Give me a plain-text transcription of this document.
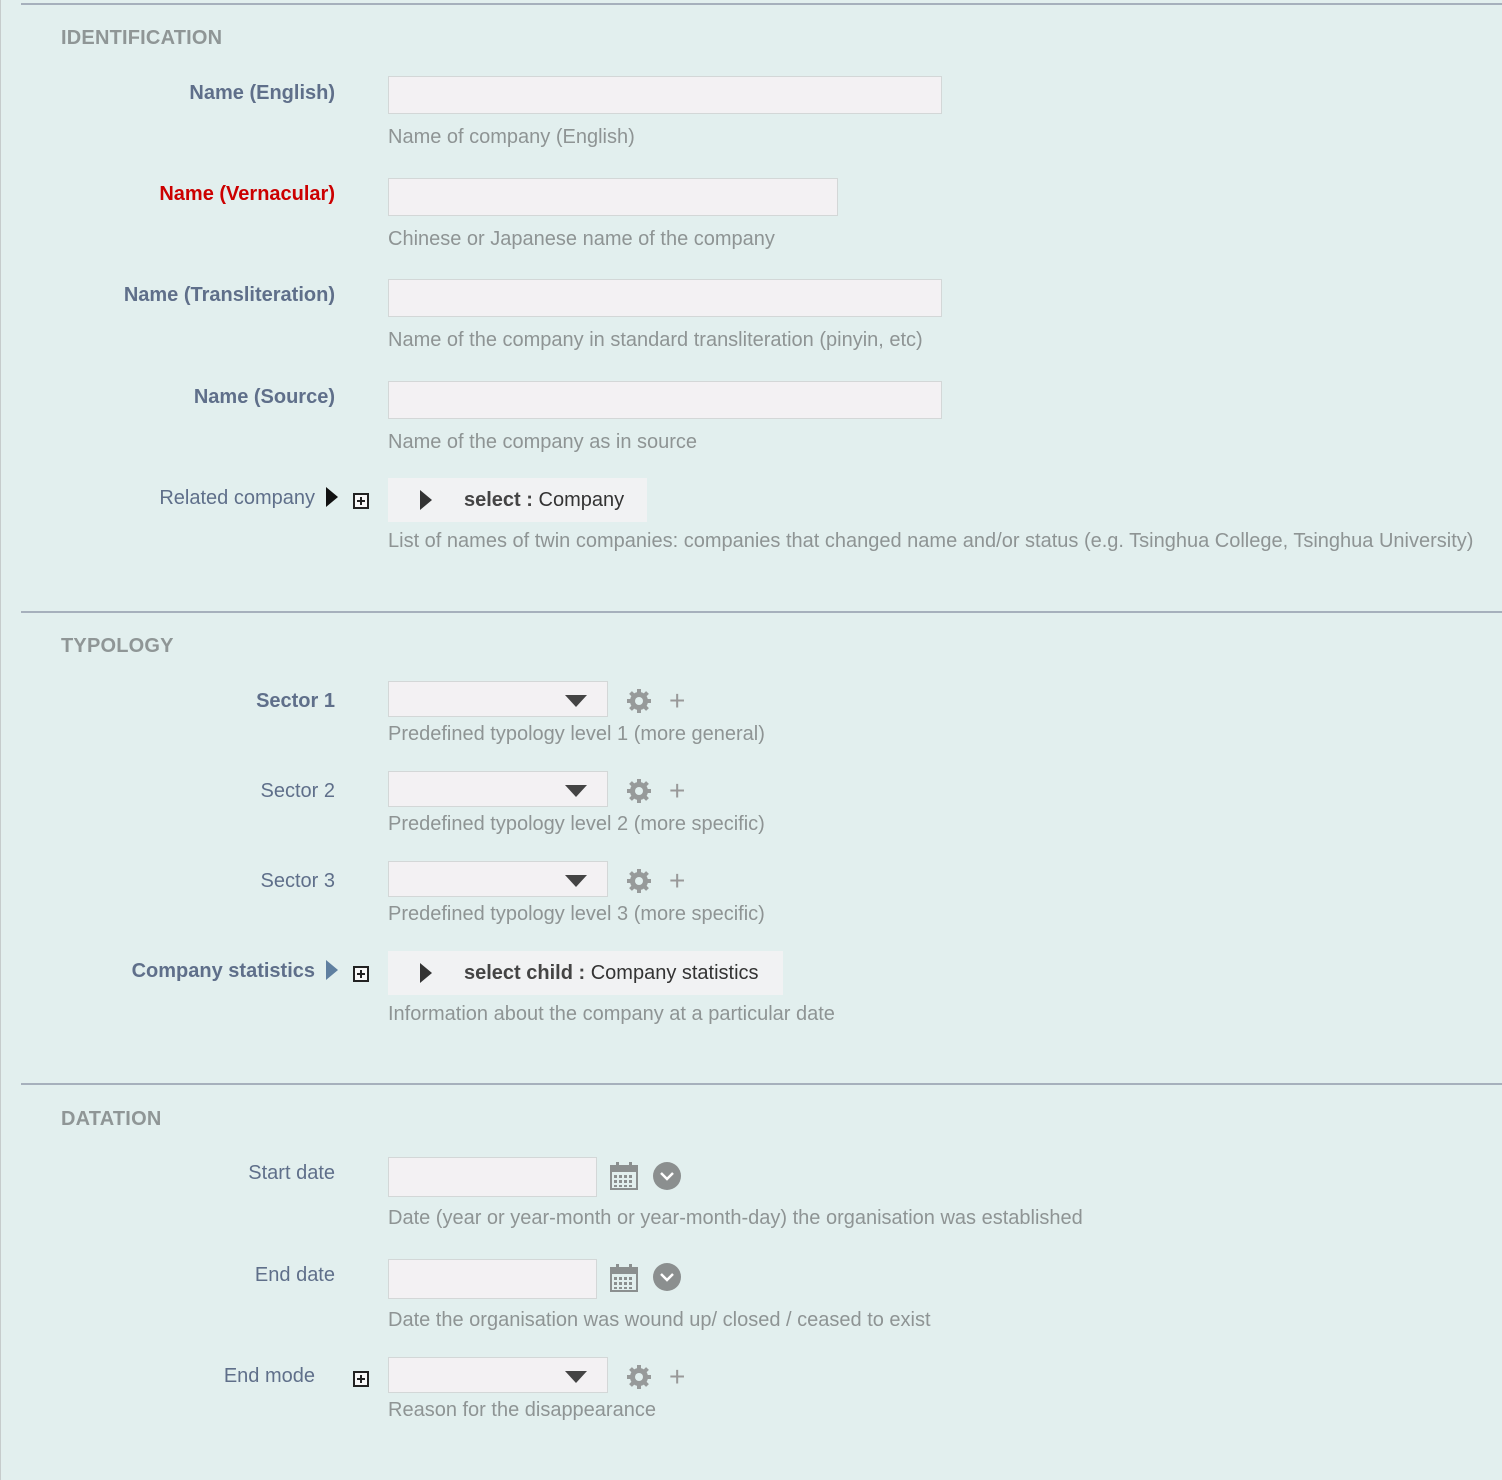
IDENTIFICATION
Name (English)
Name of company (English)
Name (Vernacular)
Chinese or Japanese name of the company
Name (Transliteration)
Name of the company in standard transliteration (pinyin, etc)
Name (Source)
Name of the company as in source
Related company	select : Company
List of names of twin companies: companies that changed name and/or status (e.g. Tsinghua College, Tsinghua University)
TYPOLOGY
Sector 1	+
Predefined typology level 1 (more general)
Sector 2	+
Predefined typology level 2 (more specific)
Sector 3	+
Predefined typology level 3 (more specific)
Company statistics	select child : Company statistics
Information about the company at a particular date
DATATION
Start date
Date (year or year-month or year-month-day) the organisation was established
End date
Date the organisation was wound up/ closed / ceased to exist
End mode	+
Reason for the disappearance
